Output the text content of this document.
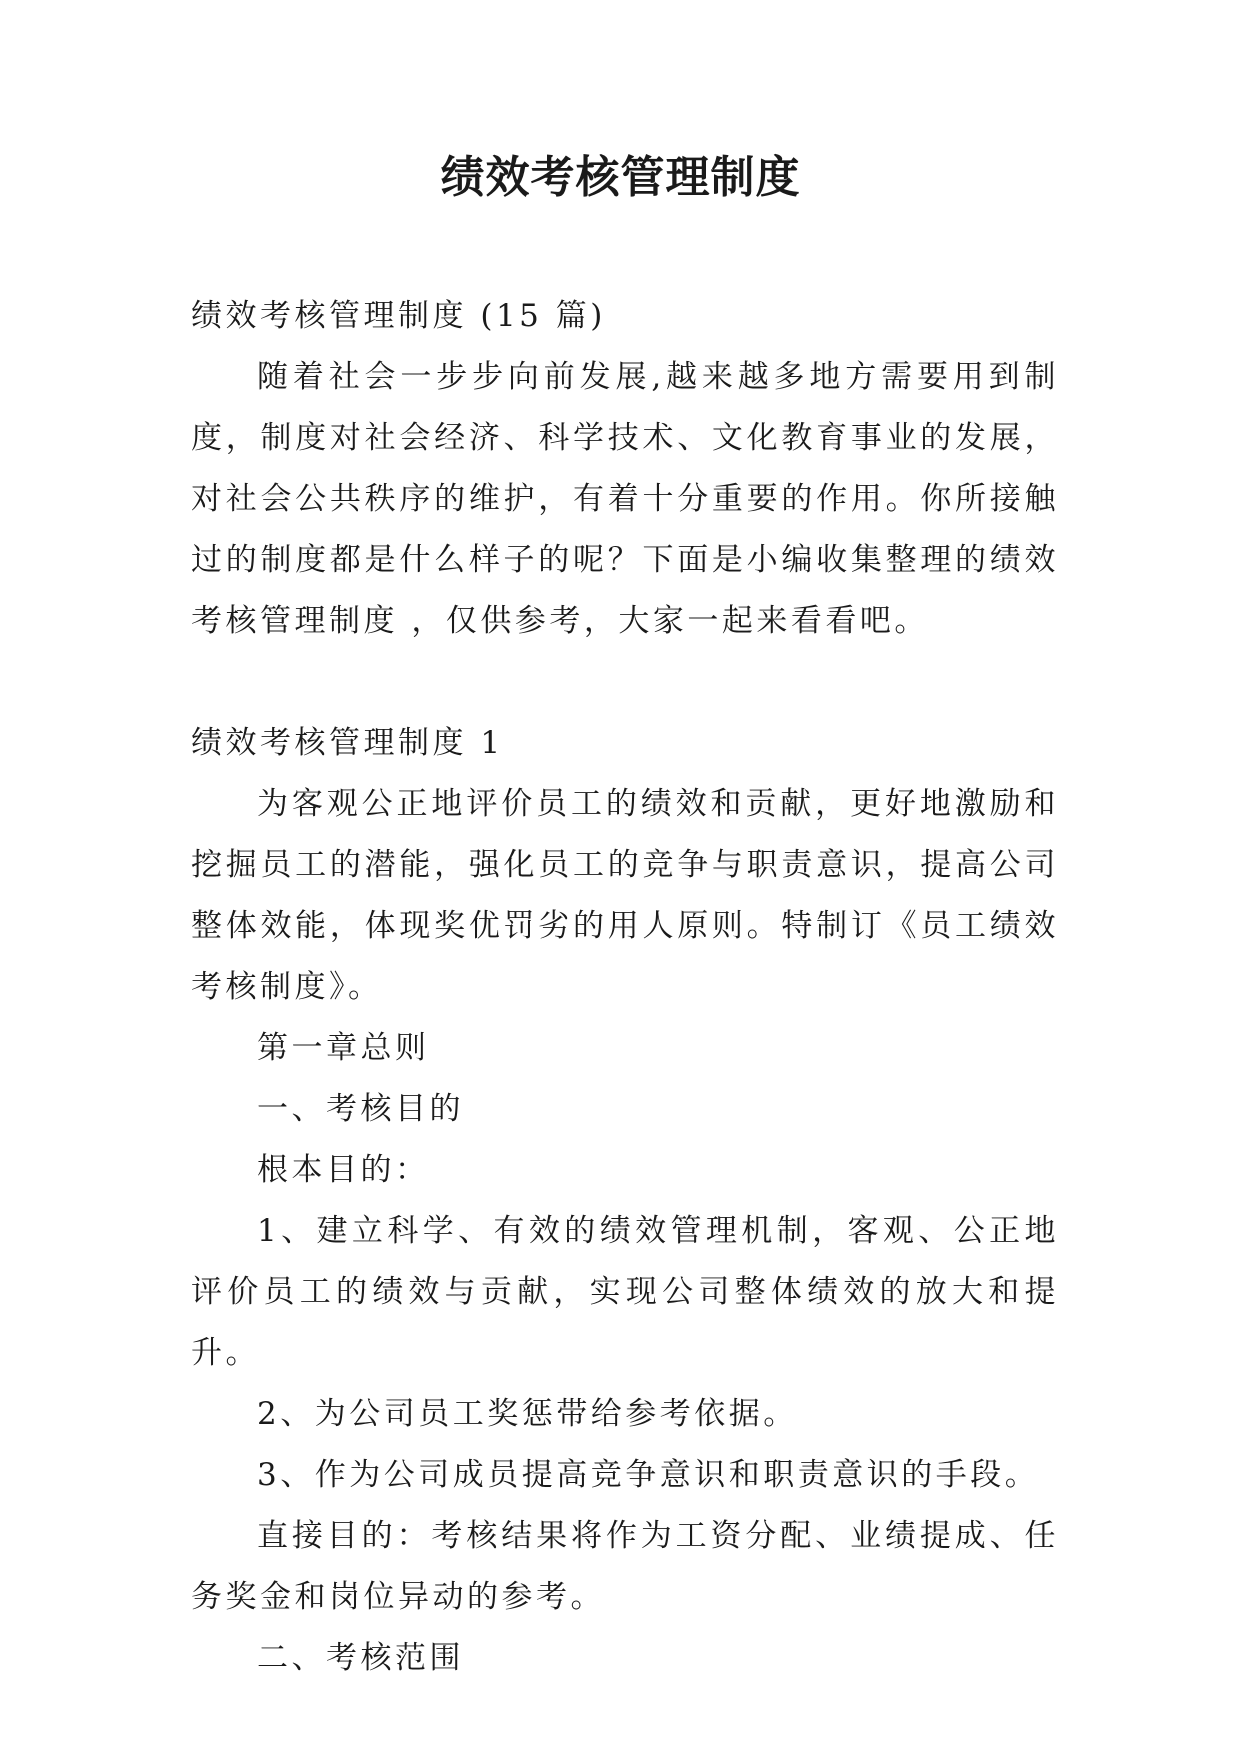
绩效考核管理制度
绩效考核管理制度 (15 篇)

随着社会一步步向前发展,越来越多地方需要用到制度，制度对社会经济、科学技术、文化教育事业的发展，对社会公共秩序的维护，有着十分重要的作用。你所接触过的制度都是什么样子的呢？下面是小编收集整理的绩效考核管理制度 ，仅供参考，大家一起来看看吧。

绩效考核管理制度 1

为客观公正地评价员工的绩效和贡献，更好地激励和挖掘员工的潜能，强化员工的竞争与职责意识，提高公司整体效能，体现奖优罚劣的用人原则。特制订《员工绩效考核制度》。

第一章总则
一、考核目的
根本目的：

1、建立科学、有效的绩效管理机制，客观、公正地评价员工的绩效与贡献，实现公司整体绩效的放大和提升。

2、为公司员工奖惩带给参考依据。
3、作为公司成员提高竞争意识和职责意识的手段。

直接目的：考核结果将作为工资分配、业绩提成、任务奖金和岗位异动的参考。

二、考核范围
